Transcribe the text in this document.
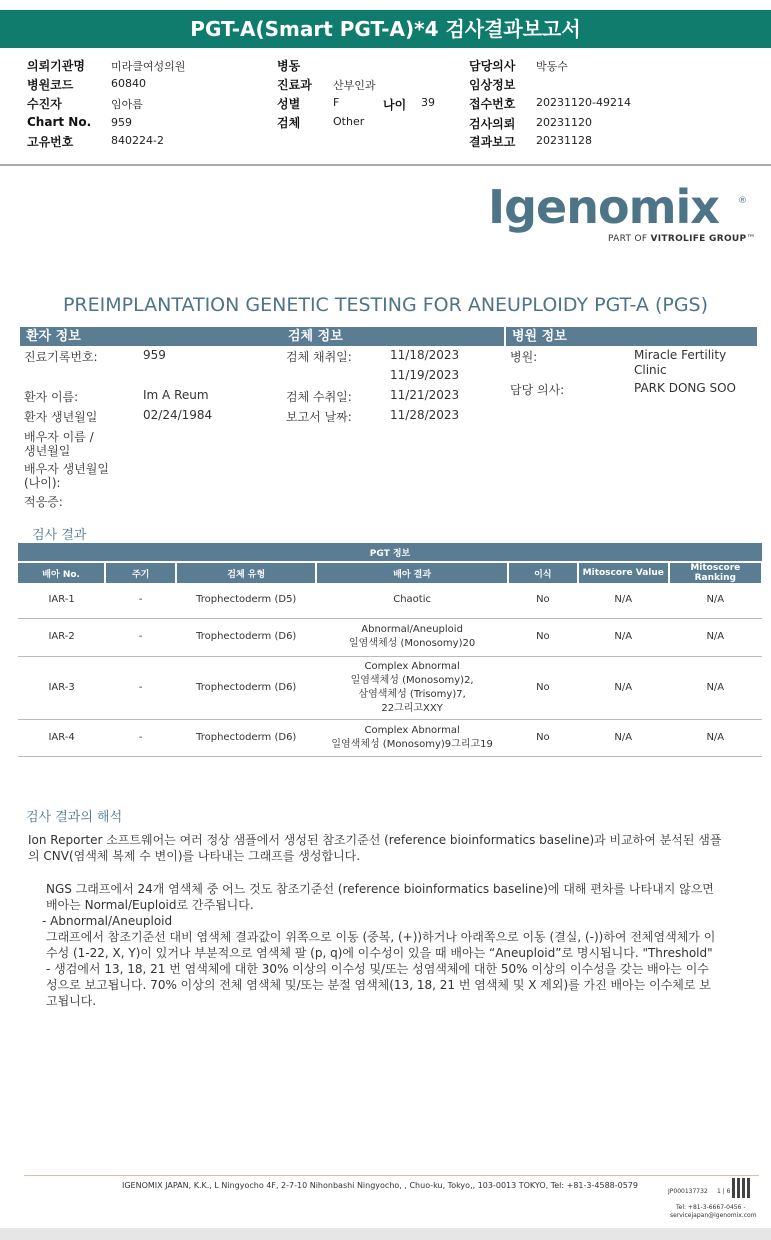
PGT-A(Smart PGT-A)*4 검사결과보고서
의뢰기관명 미라클여성의원
병원코드	60840
수진자	임아름
Chart No. 959
고유번호	840224-2
병동
진료과 산부인과
성별	F
검체	Other
담당의사 박동수
임상정보
접수번호 20231120-49214
검사의뢰 20231120
결과보고 20231128
나이 39
Igenomix ®
PART OF VITROLIFE GROUP™
PREIMPLANTATION GENETIC TESTING FOR ANEUPLOIDY PGT-A (PGS)
환자 정보	검체 정보	병원 정보
진료기록번호:	959
환자 이름:	Im A Reum
환자 생년월일	02/24/1984
배우자 이름 /
생년월일
배우자 생년월일
(나이):
적응증:
검체 채취일:	11/18/2023
11/19/2023
검체 수취일:	11/21/2023
보고서 날짜:	11/28/2023
병원:	Miracle Fertility
Clinic
담당 의사:	PARK DONG SOO
검사 결과
PGT 정보						
배아 No.	주기	검체 유형	배아 결과	이식	Mitoscore Value	Mitoscore Ranking
IAR-1	-	Trophectoderm (D5)	Chaotic	No	N/A	N/A
IAR-2	-	Trophectoderm (D6)	Abnormal/Aneuploid
일염색체성 (Monosomy)20	No	N/A	N/A
IAR-3	-	Trophectoderm (D6)	Complex Abnormal
일염색체성 (Monosomy)2,
삼염색체성 (Trisomy)7,
22그리고XXY	No	N/A	N/A
IAR-4	-	Trophectoderm (D6)	Complex Abnormal
일염색체성 (Monosomy)9그리고19	No	N/A	N/A
검사 결과의 해석
Ion Reporter 소프트웨어는 여러 정상 샘플에서 생성된 참조기준선 (reference bioinformatics baseline)과 비교하여 분석된 샘플의 CNV(염색체 복제 수 변이)를 나타내는 그래프를 생성합니다.
NGS 그래프에서 24개 염색체 중 어느 것도 참조기준선 (reference bioinformatics baseline)에 대해 편차를 나타내지 않으면 배아는 Normal/Euploid로 간주됩니다.
- Abnormal/Aneuploid
그래프에서 참조기준선 대비 염색체 결과값이 위쪽으로 이동 (중복, (+))하거나 아래쪽으로 이동 (결실, (-))하여 전체염색체가 이수성 (1-22, X, Y)이 있거나 부분적으로 염색체 팔 (p, q)에 이수성이 있을 때 배아는 “Aneuploid”로 명시됩니다. "Threshold" - 생검에서 13, 18, 21 번 염색체에 대한 30% 이상의 이수성 및/또는 성염색체에 대한 50% 이상의 이수성을 갖는 배아는 이수성으로 보고됩니다. 70% 이상의 전체 염색체 및/또는 분절 염색체(13, 18, 21 번 염색체 및 X 제외)를 가진 배아는 이수체로 보고됩니다.
IGENOMIX JAPAN, K.K., L Ningyocho 4F, 2-7-10 Nihonbashi Ningyocho, , Chuo-ku, Tokyo,, 103-0013 TOKYO, Tel: +81-3-4588-0579
JP000137732 1 | 6
Tel: +81-3-6667-0456 -
servicejapan@igenomix.com
